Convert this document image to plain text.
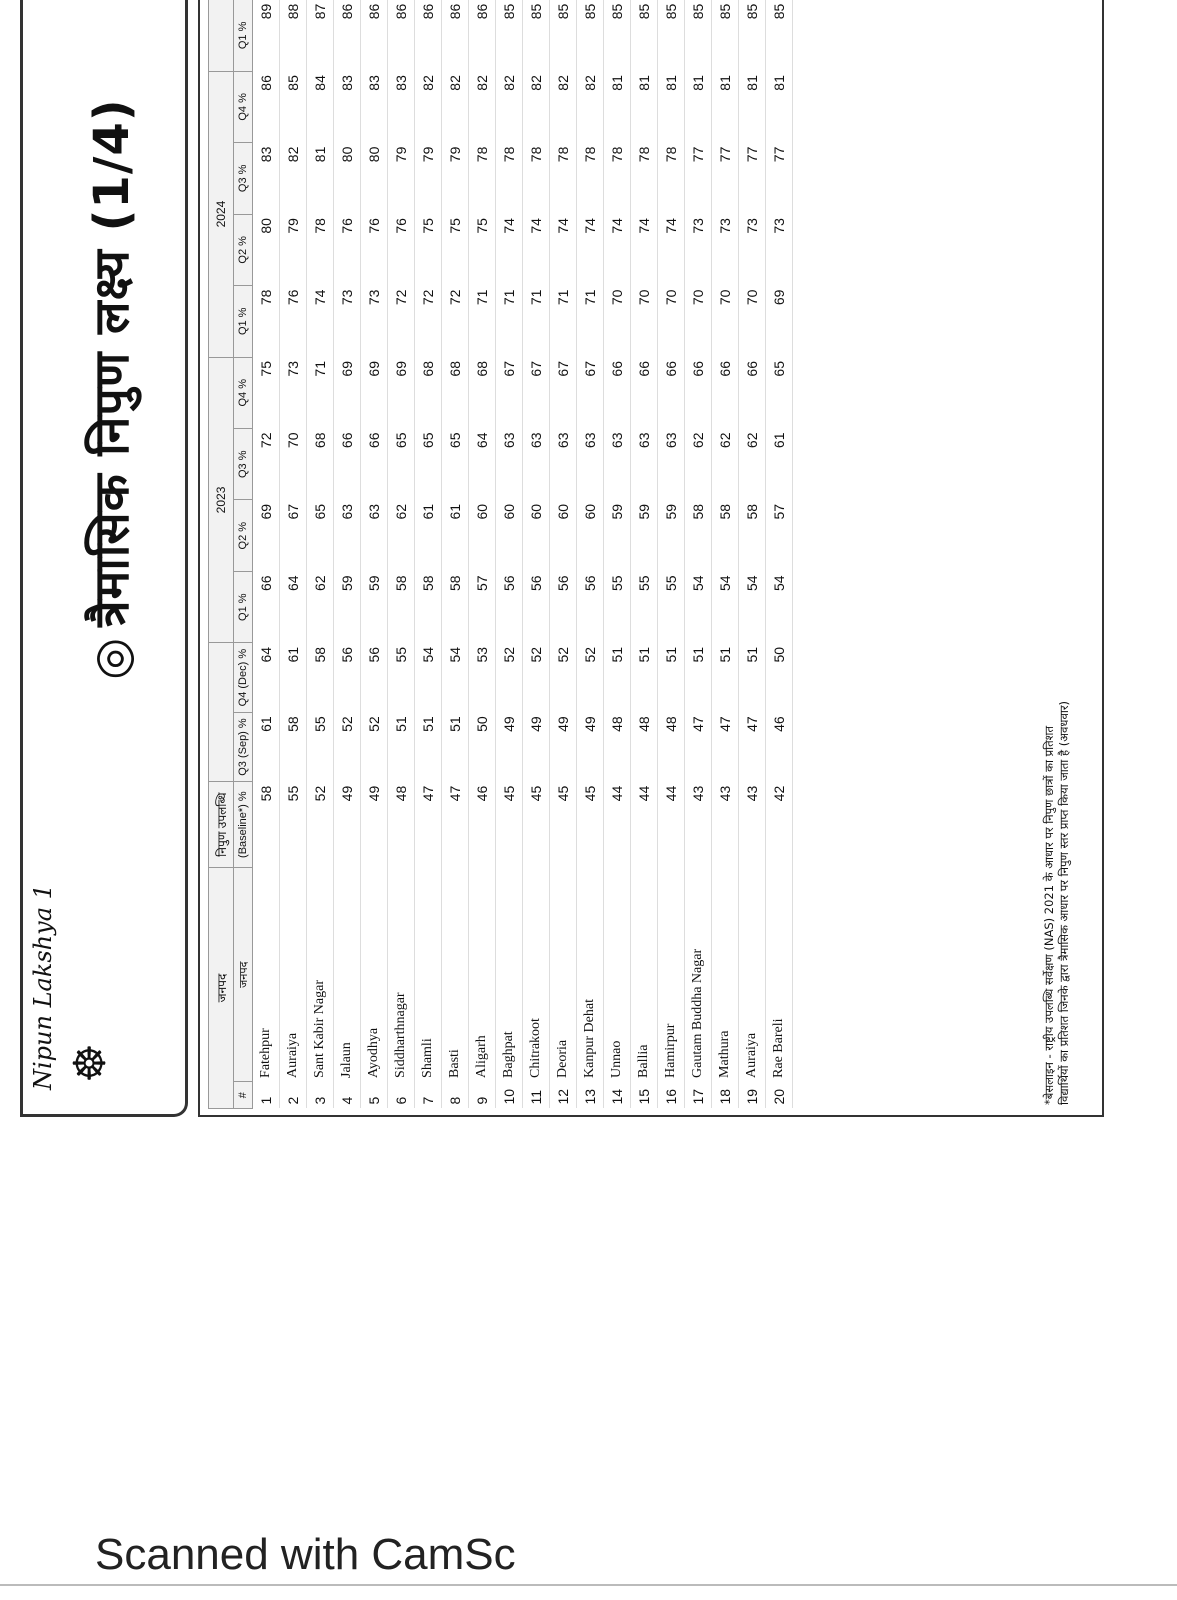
Nipun Lakshya 1 ☸
◎त्रैमासिक निपुण लक्ष्य (1/4)
जनपद		निपुण उपलब्धि			2023				2024		
#	जनपद	(Baseline*) %	Q3 (Sep) %	Q4 (Dec) %	Q1 %	Q2 %	Q3 %	Q4 %	Q1 %	Q2 %	Q3 %	Q4 %	Q1 %				
1	Fatehpur	58	61	64	66	69	72	75	78	80	83	86	89				
2	Auraiya	55	58	61	64	67	70	73	76	79	82	85	88				
3	Sant Kabir Nagar	52	55	58	62	65	68	71	74	78	81	84	87				
4	Jalaun	49	52	56	59	63	66	69	73	76	80	83	86				
5	Ayodhya	49	52	56	59	63	66	69	73	76	80	83	86				
6	Siddharthnagar	48	51	55	58	62	65	69	72	76	79	83	86				
7	Shamli	47	51	54	58	61	65	68	72	75	79	82	86				
8	Basti	47	51	54	58	61	65	68	72	75	79	82	86				
9	Aligarh	46	50	53	57	60	64	68	71	75	78	82	86				
10	Baghpat	45	49	52	56	60	63	67	71	74	78	82	85				
11	Chitrakoot	45	49	52	56	60	63	67	71	74	78	82	85				
12	Deoria	45	49	52	56	60	63	67	71	74	78	82	85				
13	Kanpur Dehat	45	49	52	56	60	63	67	71	74	78	82	85				
14	Unnao	44	48	51	55	59	63	66	70	74	78	81	85				
15	Ballia	44	48	51	55	59	63	66	70	74	78	81	85				
16	Hamirpur	44	48	51	55	59	63	66	70	74	78	81	85				
17	Gautam Buddha Nagar	43	47	51	54	58	62	66	70	73	77	81	85				
18	Mathura	43	47	51	54	58	62	66	70	73	77	81	85				
19	Auraiya	43	47	51	54	58	62	66	70	73	77	81	85				
20	Rae Bareli	42	46	50	54	57	61	65	69	73	77	81	85				
*बेसलाइन - राष्ट्रीय उपलब्धि सर्वेक्षण (NAS) 2021 के आधार पर निपुण छात्रों का प्रतिशत विद्यार्थियों का प्रतिशत जिनके द्वारा त्रैमासिक आधार पर निपुण स्तर प्राप्त किया जाता है (अवधवार)
Scanned with CamSc
